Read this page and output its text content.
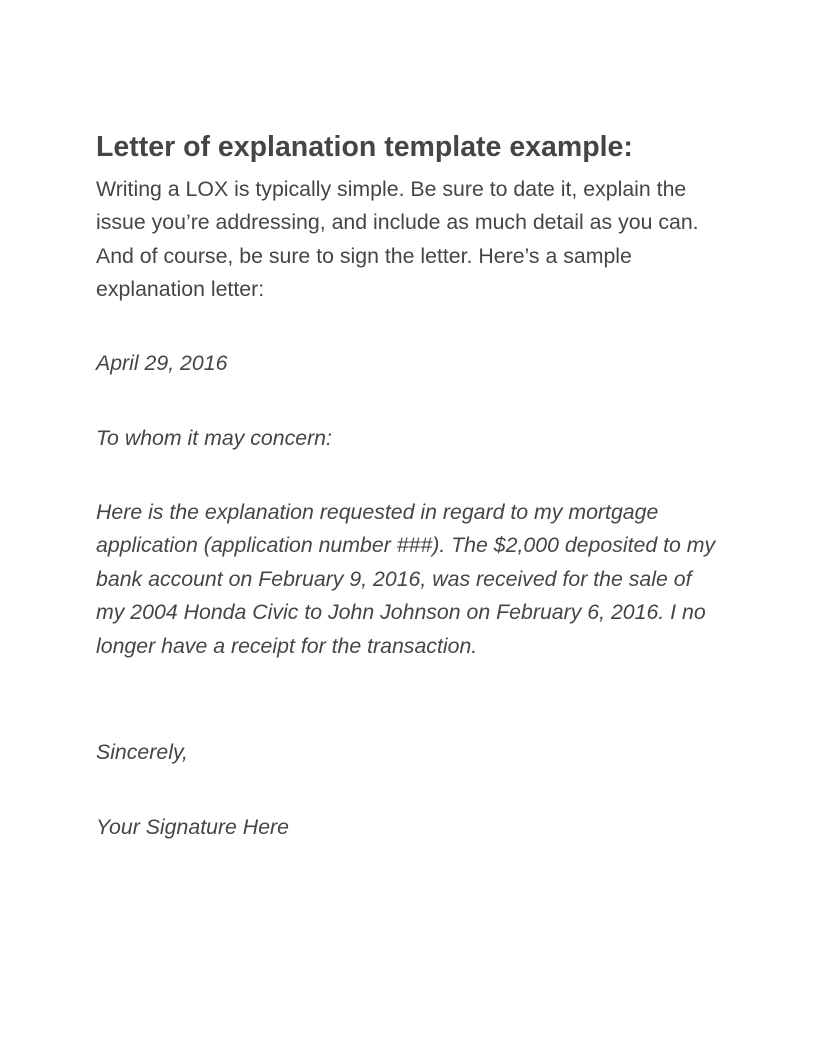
Letter of explanation template example:

Writing a LOX is typically simple. Be sure to date it, explain the issue you’re addressing, and include as much detail as you can. And of course, be sure to sign the letter. Here’s a sample explanation letter:

April 29, 2016

To whom it may concern:

Here is the explanation requested in regard to my mortgage application (application number ###). The $2,000 deposited to my bank account on February 9, 2016, was received for the sale of my 2004 Honda Civic to John Johnson on February 6, 2016. I no longer have a receipt for the transaction.

Sincerely,

Your Signature Here
